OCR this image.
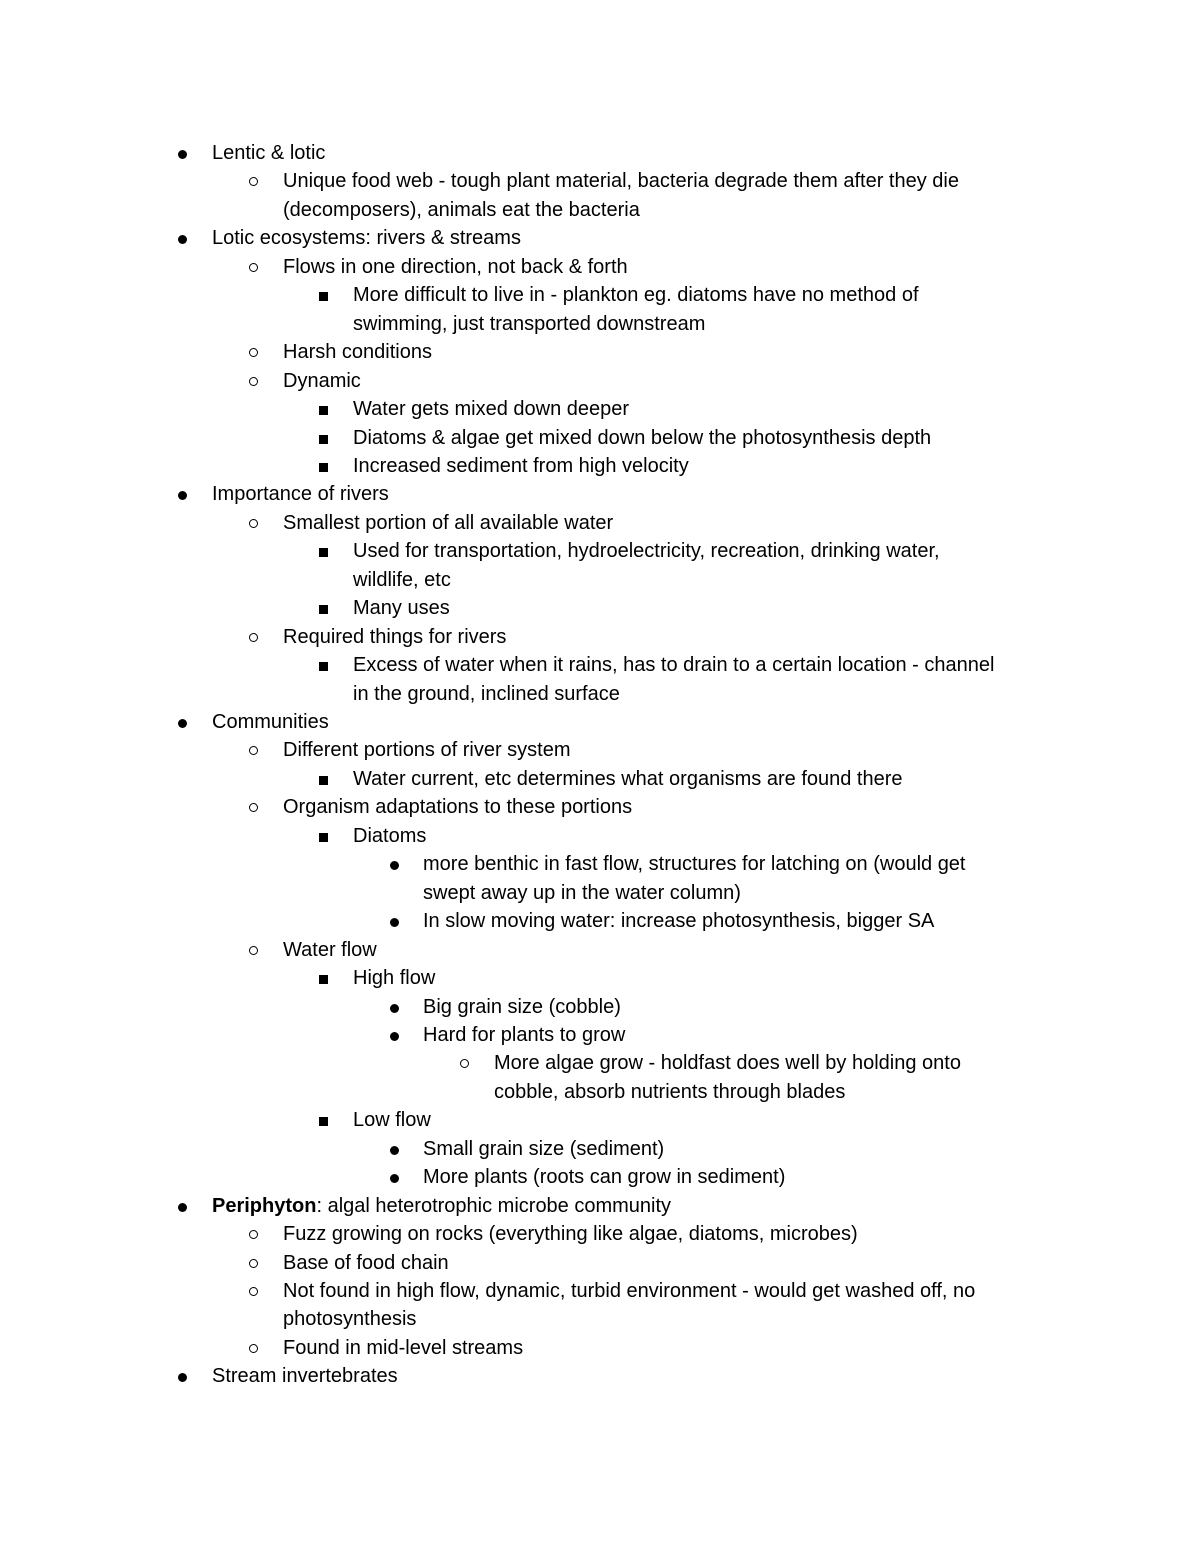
Lentic & lotic
Unique food web - tough plant material, bacteria degrade them after they die
(decomposers), animals eat the bacteria
Lotic ecosystems: rivers & streams
Flows in one direction, not back & forth
More difficult to live in - plankton eg. diatoms have no method of
swimming, just transported downstream
Harsh conditions
Dynamic
Water gets mixed down deeper
Diatoms & algae get mixed down below the photosynthesis depth
Increased sediment from high velocity
Importance of rivers
Smallest portion of all available water
Used for transportation, hydroelectricity, recreation, drinking water,
wildlife, etc
Many uses
Required things for rivers
Excess of water when it rains, has to drain to a certain location - channel
in the ground, inclined surface
Communities
Different portions of river system
Water current, etc determines what organisms are found there
Organism adaptations to these portions
Diatoms
more benthic in fast flow, structures for latching on (would get
swept away up in the water column)
In slow moving water: increase photosynthesis, bigger SA
Water flow
High flow
Big grain size (cobble)
Hard for plants to grow
More algae grow - holdfast does well by holding onto
cobble, absorb nutrients through blades
Low flow
Small grain size (sediment)
More plants (roots can grow in sediment)
Periphyton: algal heterotrophic microbe community
Fuzz growing on rocks (everything like algae, diatoms, microbes)
Base of food chain
Not found in high flow, dynamic, turbid environment - would get washed off, no
photosynthesis
Found in mid-level streams
Stream invertebrates
